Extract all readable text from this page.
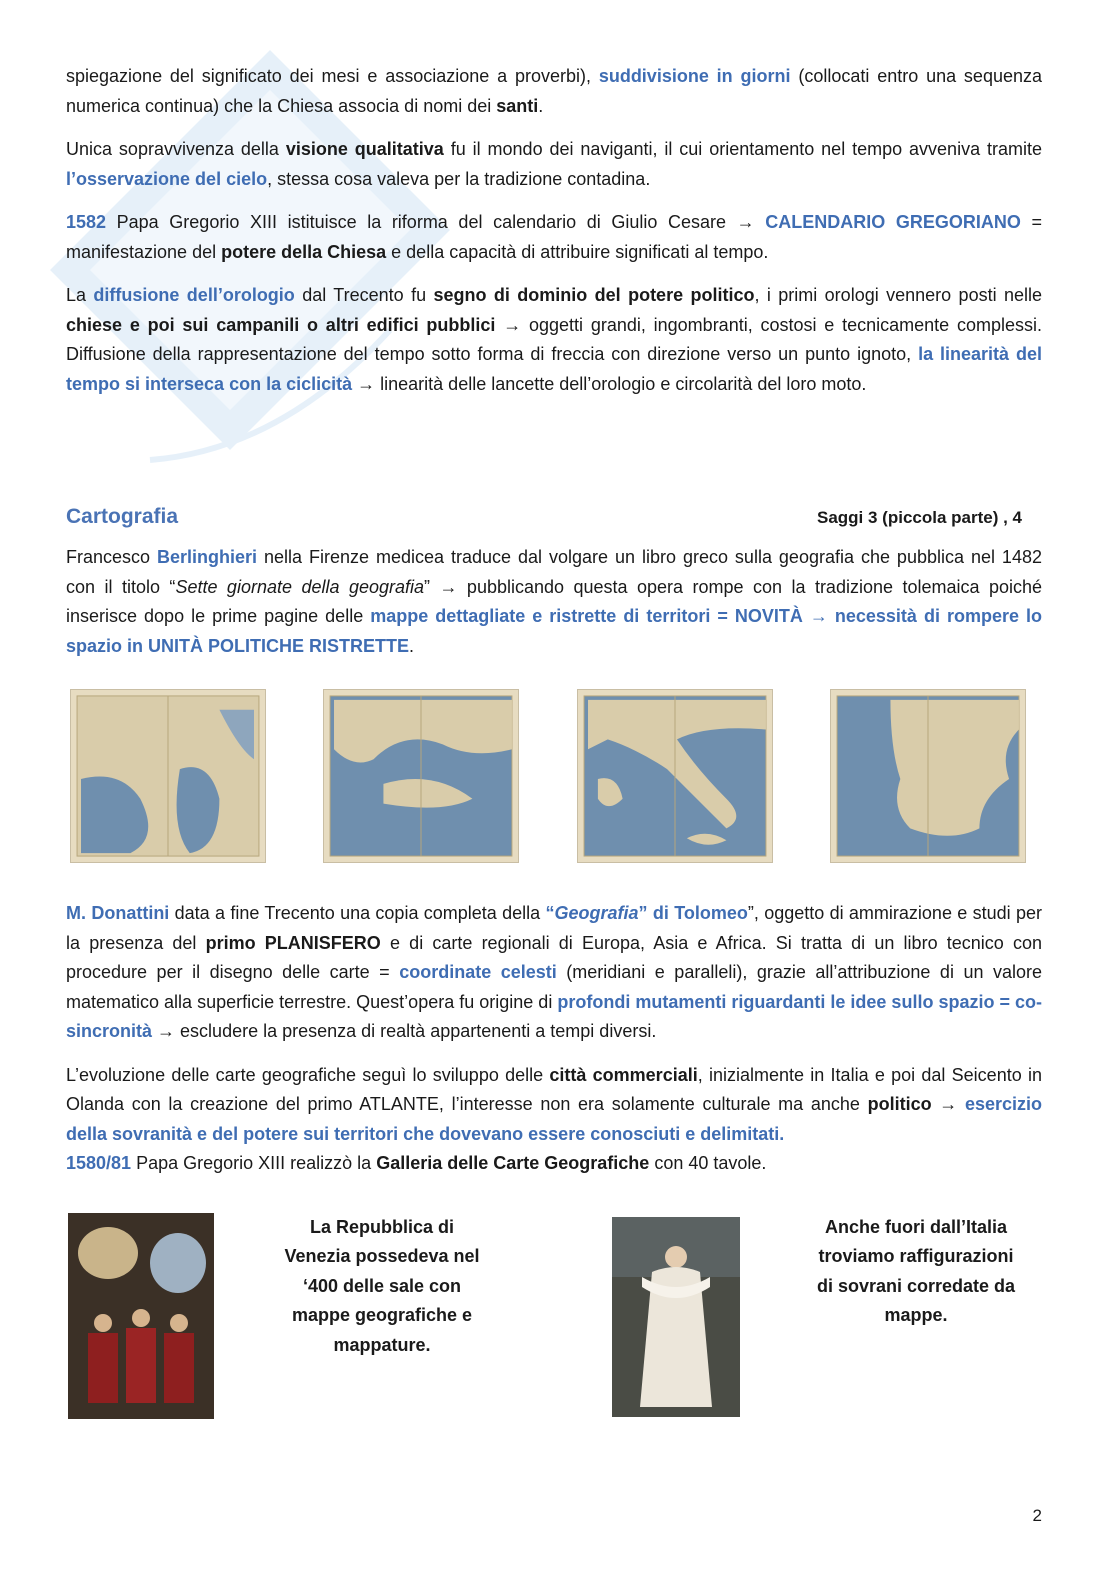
spiegazione del significato dei mesi e associazione a proverbi), suddivisione in giorni (collocati entro una sequenza numerica continua) che la Chiesa associa di nomi dei santi.

Unica sopravvivenza della visione qualitativa fu il mondo dei naviganti, il cui orientamento nel tempo avveniva tramite l’osservazione del cielo, stessa cosa valeva per la tradizione contadina.

1582 Papa Gregorio XIII istituisce la riforma del calendario di Giulio Cesare → CALENDARIO GREGORIANO = manifestazione del potere della Chiesa e della capacità di attribuire significati al tempo.

La diffusione dell’orologio dal Trecento fu segno di dominio del potere politico, i primi orologi vennero posti nelle chiese e poi sui campanili o altri edifici pubblici → oggetti grandi, ingombranti, costosi e tecnicamente complessi. Diffusione della rappresentazione del tempo sotto forma di freccia con direzione verso un punto ignoto, la linearità del tempo si interseca con la ciclicità → linearità delle lancette dell’orologio e circolarità del loro moto.

Cartografia	Saggi 3 (piccola parte) , 4

Francesco Berlinghieri nella Firenze medicea traduce dal volgare un libro greco sulla geografia che pubblica nel 1482 con il titolo “Sette giornate della geografia” → pubblicando questa opera rompe con la tradizione tolemaica poiché inserisce dopo le prime pagine delle mappe dettagliate e ristrette di territori = NOVITÀ → necessità di rompere lo spazio in UNITÀ POLITICHE RISTRETTE.

M. Donattini data a fine Trecento una copia completa della “Geografia” di Tolomeo”, oggetto di ammirazione e studi per la presenza del primo PLANISFERO e di carte regionali di Europa, Asia e Africa. Si tratta di un libro tecnico con procedure per il disegno delle carte = coordinate celesti (meridiani e paralleli), grazie all’attribuzione di un valore matematico alla superficie terrestre. Quest’opera fu origine di profondi mutamenti riguardanti le idee sullo spazio = co-sincronità → escludere la presenza di realtà appartenenti a tempi diversi.

L’evoluzione delle carte geografiche seguì lo sviluppo delle città commerciali, inizialmente in Italia e poi dal Seicento in Olanda con la creazione del primo ATLANTE, l’interesse non era solamente culturale ma anche politico → esercizio della sovranità e del potere sui territori che dovevano essere conosciuti e delimitati.
1580/81 Papa Gregorio XIII realizzò la Galleria delle Carte Geografiche con 40 tavole.

La Repubblica di Venezia possedeva nel ‘400 delle sale con mappe geografiche e mappature.
Anche fuori dall’Italia troviamo raffigurazioni di sovrani corredate da mappe.
2
